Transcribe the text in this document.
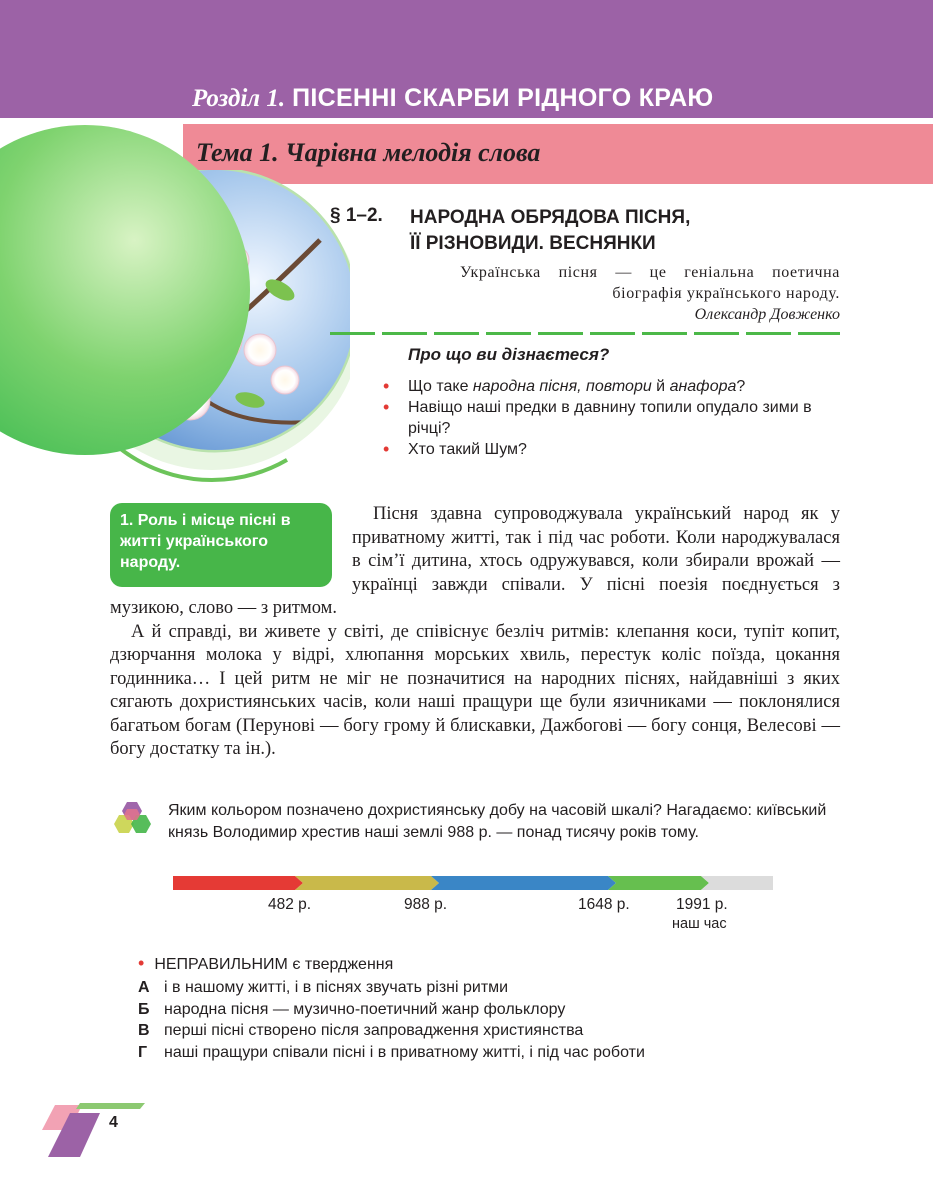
Розділ 1. ПІСЕННІ СКАРБИ РІДНОГО КРАЮ
Тема 1. Чарівна мелодія слова
§ 1–2. НАРОДНА ОБРЯДОВА ПІСНЯ,
ЇЇ РІЗНОВИДИ. ВЕСНЯНКИ
Українська пісня — це геніальна поетична біографія українського народу.
Олександр Довженко
Про що ви дізнаєтеся?
• Що таке народна пісня, повтори й анафора?
• Навіщо наші предки в давнину топили опудало зими в річці?
• Хто такий Шум?

Пісня здавна супроводжувала український народ як у приватному житті, так і під час роботи. Коли народжувалася в сім’ї дитина, хтось одружувався, коли збирали врожай — українці завжди співали. У пісні поезія поєднується з музикою, слово — з ритмом.

А й справді, ви живете у світі, де співіснує безліч ритмів: клепання коси, тупіт копит, дзюрчання молока у відрі, хлюпання морських хвиль, перестук коліс поїзда, цокання годинника… І цей ритм не міг не позначитися на народних піснях, найдавніші з яких сягають дохристиянських часів, коли наші пращури ще були язичниками — поклонялися багатьом богам (Перунові — богу грому й блискавки, Дажбогові — богу сонця, Велесові — богу достатку та ін.).

1. Роль і місце пісні в житті українського народу.
Яким кольором позначено дохристиянську добу на часовій шкалі? Нагадаємо: київський князь Володимир хрестив наші землі 988 р. — понад тисячу років тому.
482 р.	988 р.	1648 р.	1991 р.
наш час
• НЕПРАВИЛЬНИМ є твердження
А і в нашому житті, і в піснях звучать різні ритми
Б народна пісня — музично-поетичний жанр фольклору
В перші пісні створено після запровадження християнства
Г наші пращури співали пісні і в приватному житті, і під час роботи
4
